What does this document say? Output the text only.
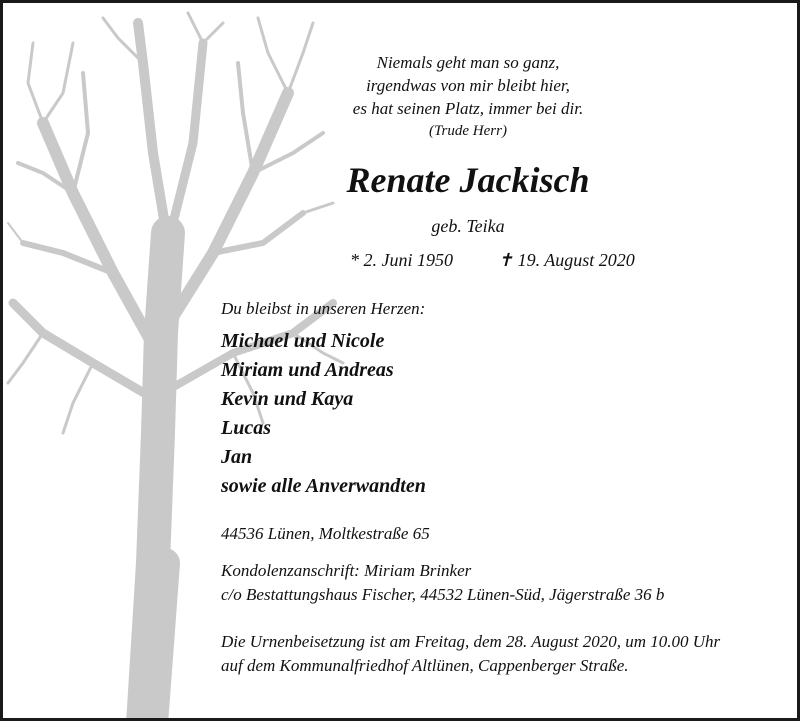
Niemals geht man so ganz,
irgendwas von mir bleibt hier,
es hat seinen Platz, immer bei dir.
(Trude Herr)
Renate Jackisch
geb. Teika
* 2. Juni 1950	✝ 19. August 2020
Du bleibst in unseren Herzen:
Michael und Nicole
Miriam und Andreas
Kevin und Kaya
Lucas
Jan
sowie alle Anverwandten
44536 Lünen, Moltkestraße 65
Kondolenzanschrift: Miriam Brinker
c/o Bestattungshaus Fischer, 44532 Lünen-Süd, Jägerstraße 36 b
Die Urnenbeisetzung ist am Freitag, dem 28. August 2020, um 10.00 Uhr
auf dem Kommunalfriedhof Altlünen, Cappenberger Straße.
